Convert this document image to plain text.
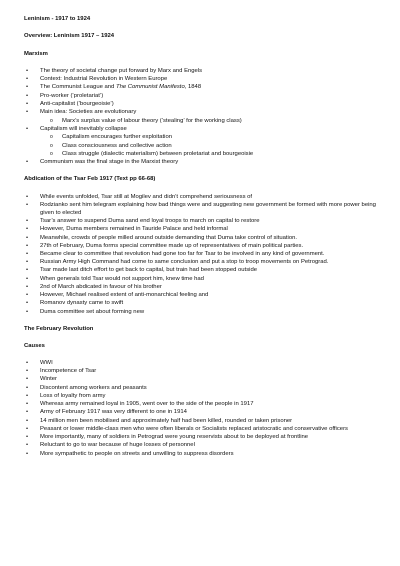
Leninism - 1917 to 1924

Overview: Leninism 1917 – 1924

Marxism

• The theory of societal change put forward by Marx and Engels
• Context: Industrial Revolution in Western Europe
• The Communist League and The Communist Manifesto, 1848
• Pro-worker (‘proletariat’)
• Anti-capitalist (‘bourgeoisie’)
• Main idea: Societies are evolutionary
o Marx’s surplus value of labour theory (‘stealing’ for the working class)
• Capitalism will inevitably collapse
o Capitalism encourages further exploitation
o Class consciousness and collective action
o Class struggle (dialectic materialism) between proletariat and bourgeoisie
• Communism was the final stage in the Marxist theory

Abdication of the Tsar Feb 1917 (Text pp 66-68)

• While events unfolded, Tsar still at Mogilev and didn’t comprehend seriousness of
• Rodzianko sent him telegram explaining how bad things were and suggesting new government be formed with more power being given to elected
• Tsar’s answer to suspend Duma sand end loyal troops to march on capital to restore
• However, Duma members remained in Tauride Palace and held informal
• Meanwhile, crowds of people milled around outside demanding that Duma take control of situation.
• 27th of February, Duma forms special committee made up of representatives of main political parties.
• Became clear to committee that revolution had gone too far for Tsar to be involved in any kind of government.
• Russian Army High Command had come to same conclusion and put a stop to troop movements on Petrograd.
• Tsar made last ditch effort to get back to capital, but train had been stopped outside
• When generals told Tsar would not support him, knew time had
• 2nd of March abdicated in favour of his brother
• However, Michael realised extent of anti-monarchical feeling and
• Romanov dynasty came to swift
• Duma committee set about forming new

The February Revolution

Causes

• WWI
• Incompetence of Tsar
• Winter
• Discontent among workers and peasants
• Loss of loyalty from army
• Whereas army remained loyal in 1905, went over to the side of the people in 1917
• Army of February 1917 was very different to one in 1914
• 14 million men been mobilised and approximately half had been killed, rounded or taken prisoner
• Peasant or lower middle-class men who were often liberals or Socialists replaced aristocratic and conservative officers
• More importantly, many of soldiers in Petrograd were young reservists about to be deployed at frontline
• Reluctant to go to war because of huge losses of personnel
• More sympathetic to people on streets and unwilling to suppress disorders
